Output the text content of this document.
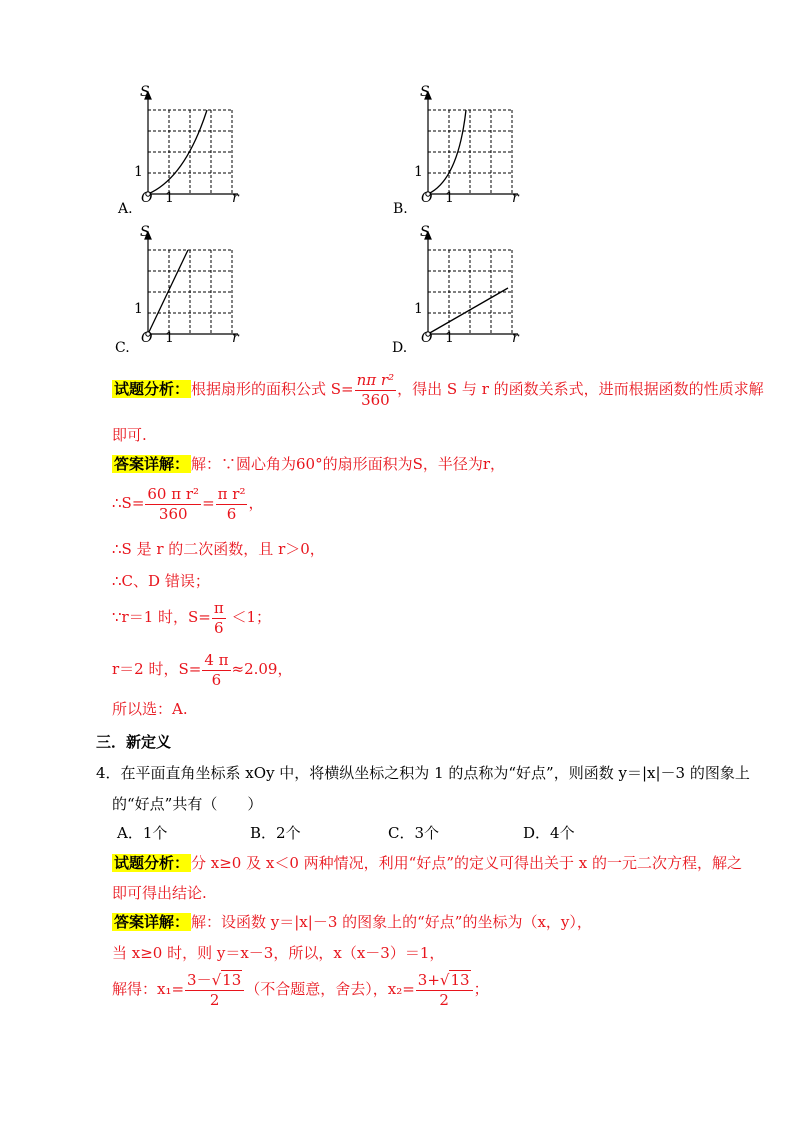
S
r
O 1
1
A.
S
r
O 1
1
B.
S
r
O 1
1
C.
S
r
O 1
1
D.
试题分析： 根据扇形的面积公式 $S= \frac{\text{nπ r²}}{360}$ ，得出 S 与 r 的函数关系式，进而根据函数的性质求解
即可.
答案详解： 解：∵圆心角为60°的扇形面积为S，半径为r，
∴S= $\frac{\text{60 π r²}}{360} = \frac{\text{π r²}}{6}$ ，
∴S 是 r 的二次函数，且 r＞0，
∴C、D 错误；
∵r＝1 时，$S= \frac{\pi}{6} <1$；
r＝2 时，$S= \frac{4 \pi}{6} \approx 2.09$，
所以选：A.
三．新定义
4．在平面直角坐标系 xOy 中，将横纵坐标之积为 1 的点称为“好点”，则函数 y＝|x|－3 的图象上
的“好点”共有（　　）
A．1个	B．2个	C．3个	D．4个
试题分析： 分 x≥0 及 x＜0 两种情况，利用“好点”的定义可得出关于 x 的一元二次方程，解之
即可得出结论.
答案详解： 解：设函数 y＝|x|－3 的图象上的“好点”的坐标为（x，y），
当 x≥0 时，则 y＝x－3，所以，x（x－3）＝1，
解得：$x_1= \frac{3-√13}{2}$ （不合题意，舍去），$x_2= \frac{3+√13}{2}$ ；
